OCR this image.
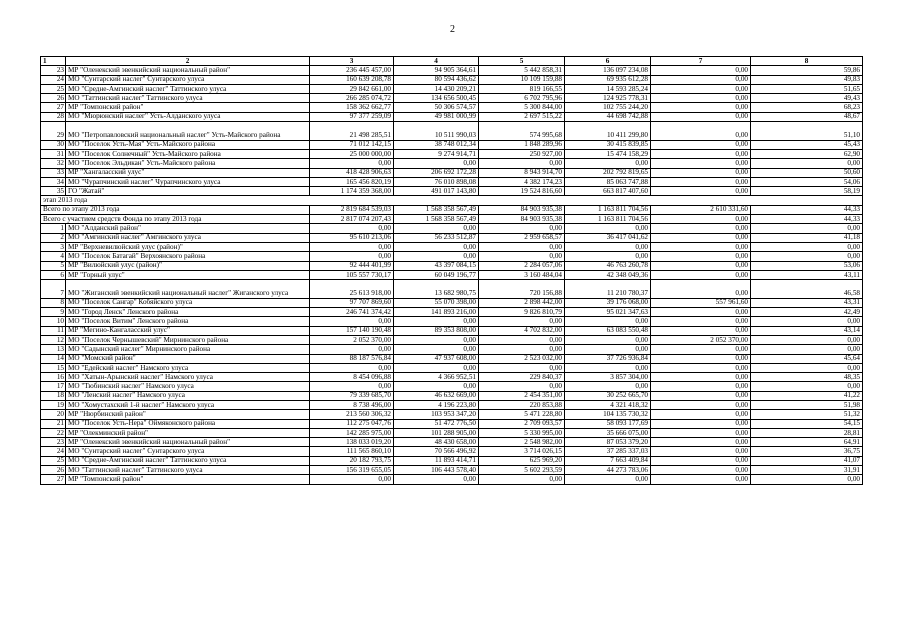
2
1	2	3	4	5	6	7	8
23	МР "Оленекский эвенкийский национальный район"	236 445 457,00	94 905 364,61	5 442 858,31	136 097 234,08	0,00	59,86
24	МО "Сунтарский наслег" Сунтарского улуса	160 639 208,78	80 594 436,62	10 109 159,88	69 935 612,28	0,00	49,83
25	МО "Средне-Амгинский наслег" Таттинского улуса	29 842 661,00	14 430 209,21	819 166,55	14 593 285,24	0,00	51,65
26	МО "Таттинский наслег" Таттинского улуса	266 285 074,72	134 656 500,45	6 702 795,96	124 925 778,31	0,00	49,43
27	МР "Томпонский район"	158 362 662,77	50 306 574,57	5 300 844,00	102 755 244,20	0,00	68,23
28	МО "Мюрюнский наслег" Усть-Алданского улуса	97 377 259,09	49 981 000,99	2 697 515,22	44 698 742,88	0,00	48,67
29	МО "Петропавловский национальный наслег" Усть-Майского района	21 498 285,51	10 511 990,03	574 995,68	10 411 299,80	0,00	51,10
30	МО "Поселок Усть-Мая" Усть-Майского района	71 012 142,15	38 748 012,34	1 848 289,96	30 415 839,85	0,00	45,43
31	МО "Поселок Солнечный" Усть-Майского района	25 000 000,00	9 274 914,71	250 927,00	15 474 158,29	0,00	62,90
32	МО "Поселок Эльдикан" Усть-Майского района	0,00	0,00	0,00	0,00	0,00	0,00
33	МР "Хангаласский улус"	418 428 906,63	206 692 172,28	8 943 914,70	202 792 819,65	0,00	50,60
34	МО "Чурапчинский наслег" Чурапчинского улуса	165 456 820,19	76 010 898,08	4 382 174,23	85 063 747,88	0,00	54,06
35	ГО "Жатай"	1 174 359 368,00	491 017 143,80	19 524 816,60	663 817 407,60	0,00	58,19
этап 2013 года							
Всего по этапу 2013 года		2 819 684 539,03	1 568 358 567,49	84 903 935,38	1 163 811 704,56	2 610 331,60	44,33
Всего с участием средств Фонда по этапу 2013 года		2 817 074 207,43	1 568 358 567,49	84 903 935,38	1 163 811 704,56	0,00	44,33
1	МО "Алданский район"	0,00	0,00	0,00	0,00	0,00	0,00
2	МО "Амгинский наслег" Амгинского улуса	95 610 213,06	56 233 512,87	2 959 658,57	36 417 041,62	0,00	41,18
3	МР "Верхневилюйский улус (район)"	0,00	0,00	0,00	0,00	0,00	0,00
4	МО "Поселок Батагай" Верхоянского района	0,00	0,00	0,00	0,00	0,00	0,00
5	МР "Вилюйский улус (район)"	92 444 401,99	43 397 084,15	2 284 057,06	46 763 260,78	0,00	53,06
6	МР "Горный улус"	105 557 730,17	60 049 196,77	3 160 484,04	42 348 049,36	0,00	43,11
7	МО "Жиганский эвенкийский национальный наслег" Жиганского улуса	25 613 918,00	13 682 980,75	720 156,88	11 210 780,37	0,00	46,58
8	МО "Поселок Сангар" Кобяйского улуса	97 707 869,60	55 070 398,00	2 898 442,00	39 176 068,00	557 961,60	43,31
9	МО "Город Ленск" Ленского района	246 741 374,42	141 893 216,00	9 826 810,79	95 021 347,63	0,00	42,49
10	МО "Поселок Витим" Ленского района	0,00	0,00	0,00	0,00	0,00	0,00
11	МР "Мегино-Кангаласский улус"	157 140 190,48	89 353 808,00	4 702 832,00	63 083 550,48	0,00	43,14
12	МО "Поселок Чернышевский" Мирнинского района	2 052 370,00	0,00	0,00	0,00	2 052 370,00	0,00
13	МО "Садынский наслег" Мирнинского района	0,00	0,00	0,00	0,00	0,00	0,00
14	МО "Момский район"	88 187 576,84	47 937 608,00	2 523 032,00	37 726 936,84	0,00	45,64
15	МО "Едейский наслег" Намского улуса	0,00	0,00	0,00	0,00	0,00	0,00
16	МО "Хатын-Арынский наслег" Намского улуса	8 454 096,88	4 366 952,51	229 840,37	3 857 304,00	0,00	48,35
17	МО "Тюбинский наслег" Намского улуса	0,00	0,00	0,00	0,00	0,00	0,00
18	МО "Ленский наслег" Намского улуса	79 339 685,70	46 632 669,00	2 454 351,00	30 252 665,70	0,00	41,22
19	МО "Хомустахский 1-й наслег" Намского улуса	8 738 496,00	4 196 223,80	220 853,88	4 321 418,32	0,00	51,98
20	МР "Нюрбинский район"	213 560 306,32	103 953 347,20	5 471 228,80	104 135 730,32	0,00	51,32
21	МО "Поселок Усть-Нера" Оймяконского района	112 275 047,76	51 472 776,50	2 709 093,57	58 093 177,69	0,00	54,15
22	МР "Олекминский район"	142 285 975,00	101 288 905,00	5 330 995,00	35 666 075,00	0,00	28,81
23	МР "Оленекский эвенкийский национальный район"	138 033 019,20	48 430 658,00	2 548 982,00	87 053 379,20	0,00	64,91
24	МО "Сунтарский наслег" Сунтарского улуса	111 565 860,10	70 566 496,92	3 714 026,15	37 285 337,03	0,00	36,75
25	МО "Средне-Амгинский наслег" Таттинского улуса	20 182 793,75	11 893 414,71	625 969,20	7 663 409,84	0,00	41,07
26	МО "Таттинский наслег" Таттинского улуса	156 319 655,05	106 443 578,40	5 602 293,59	44 273 783,06	0,00	31,91
27	МР "Томпонский район"	0,00	0,00	0,00	0,00	0,00	0,00
